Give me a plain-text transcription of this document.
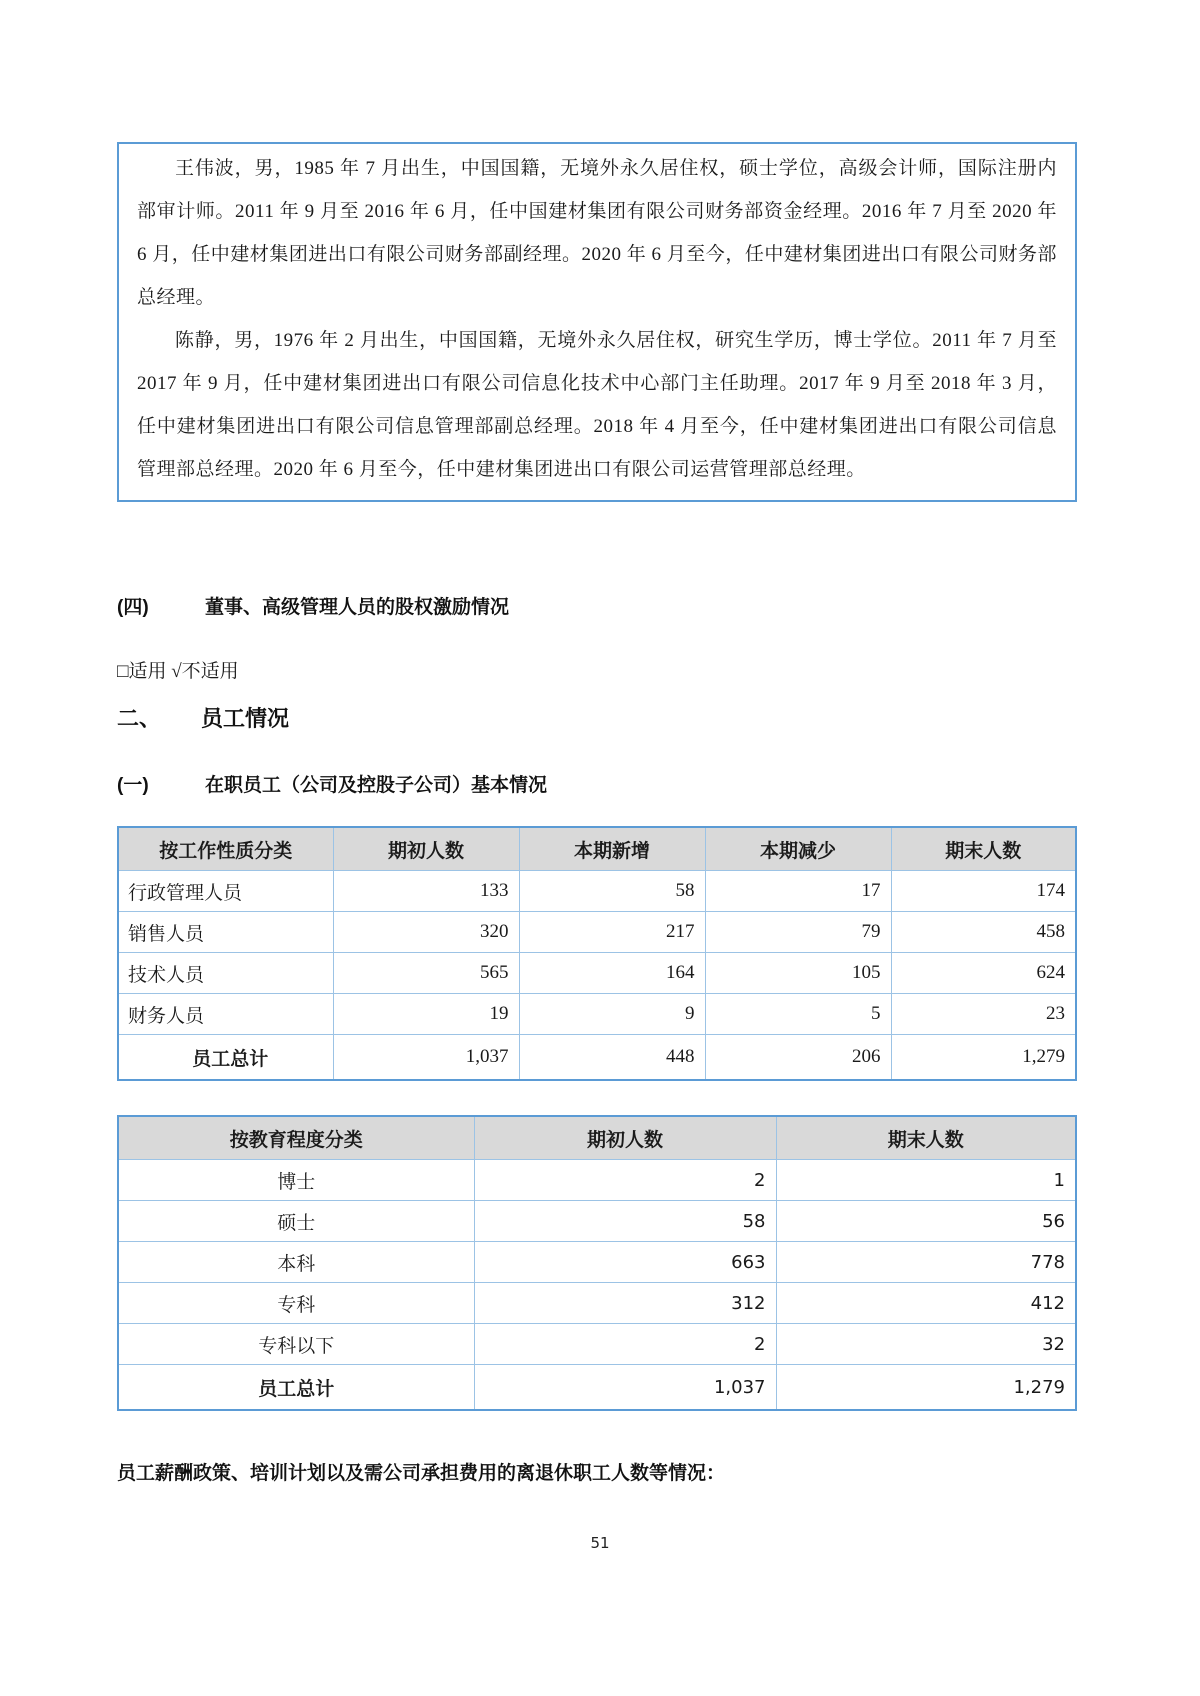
王伟波，男，1985 年 7 月出生，中国国籍，无境外永久居住权，硕士学位，高级会计师，国际注册内部审计师。2011 年 9 月至 2016 年 6 月，任中国建材集团有限公司财务部资金经理。2016 年 7 月至 2020 年 6 月，任中建材集团进出口有限公司财务部副经理。2020 年 6 月至今，任中建材集团进出口有限公司财务部总经理。

陈静，男，1976 年 2 月出生，中国国籍，无境外永久居住权，研究生学历，博士学位。2011 年 7 月至 2017 年 9 月，任中建材集团进出口有限公司信息化技术中心部门主任助理。2017 年 9 月至 2018 年 3 月，任中建材集团进出口有限公司信息管理部副总经理。2018 年 4 月至今，任中建材集团进出口有限公司信息管理部总经理。2020 年 6 月至今，任中建材集团进出口有限公司运营管理部总经理。

(四)	董事、高级管理人员的股权激励情况
□适用 √不适用
二、	员工情况
(一)	在职员工（公司及控股子公司）基本情况
按工作性质分类	期初人数	本期新增	本期减少	期末人数
行政管理人员	133	58	17	174
销售人员	320	217	79	458
技术人员	565	164	105	624
财务人员	19	9	5	23
员工总计	1,037	448	206	1,279
按教育程度分类	期初人数	期末人数
博士	2	1
硕士	58	56
本科	663	778
专科	312	412
专科以下	2	32
员工总计	1,037	1,279
员工薪酬政策、培训计划以及需公司承担费用的离退休职工人数等情况：
51
